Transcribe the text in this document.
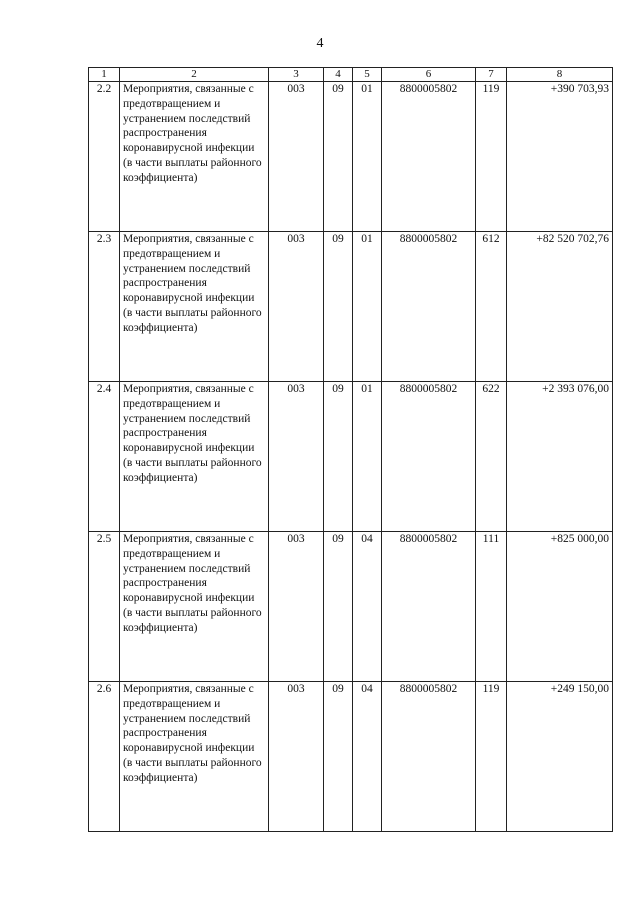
4
1	2	3	4	5	6	7	8
2.2	Мероприятия, связанные с предотвращением и устранением последствий распространения коронавирусной инфекции (в части выплаты районного коэффициента)	003	09	01	8800005802	119	+390 703,93
2.3	Мероприятия, связанные с предотвращением и устранением последствий распространения коронавирусной инфекции (в части выплаты районного коэффициента)	003	09	01	8800005802	612	+82 520 702,76
2.4	Мероприятия, связанные с предотвращением и устранением последствий распространения коронавирусной инфекции (в части выплаты районного коэффициента)	003	09	01	8800005802	622	+2 393 076,00
2.5	Мероприятия, связанные с предотвращением и устранением последствий распространения коронавирусной инфекции (в части выплаты районного коэффициента)	003	09	04	8800005802	111	+825 000,00
2.6	Мероприятия, связанные с предотвращением и устранением последствий распространения коронавирусной инфекции (в части выплаты районного коэффициента)	003	09	04	8800005802	119	+249 150,00
